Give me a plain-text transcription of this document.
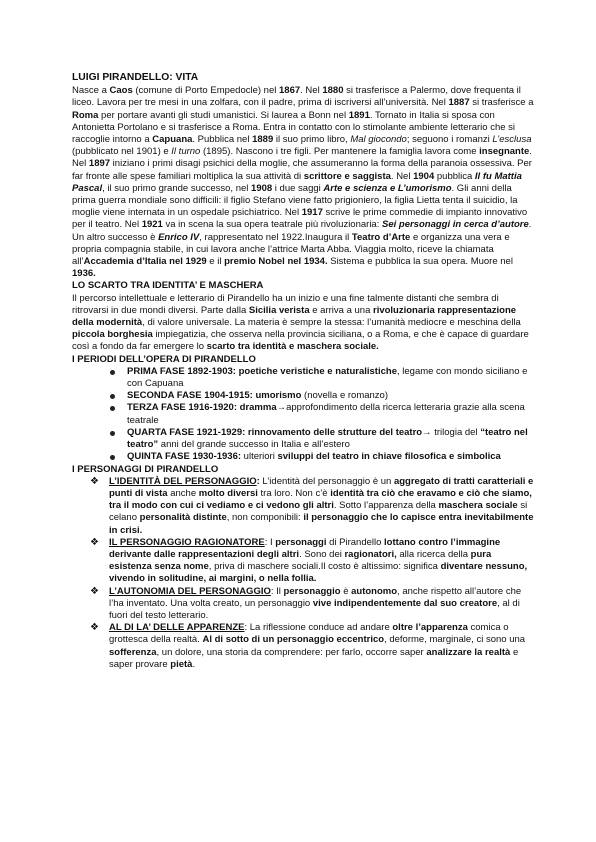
LUIGI PIRANDELLO: VITA

Nasce a Caos (comune di Porto Empedocle) nel 1867. Nel 1880 si trasferisce a Palermo, dove frequenta il liceo. Lavora per tre mesi in una zolfara, con il padre, prima di iscriversi all’università. Nel 1887 si trasferisce a Roma per portare avanti gli studi umanistici. Si laurea a Bonn nel 1891. Tornato in Italia si sposa con Antonietta Portolano e si trasferisce a Roma. Entra in contatto con lo stimolante ambiente letterario che si raccoglie intorno a Capuana. Pubblica nel 1889 il suo primo libro, Mal giocondo; seguono i romanzi L’esclusa (pubblicato nel 1901) e Il turno (1895). Nascono i tre figli. Per mantenere la famiglia lavora come insegnante. Nel 1897 iniziano i primi disagi psichici della moglie, che assumeranno la forma della paranoia ossessiva. Per far fronte alle spese familiari moltiplica la sua attività di scrittore e saggista. Nel 1904 pubblica Il fu Mattia Pascal, il suo primo grande successo, nel 1908 i due saggi Arte e scienza e L’umorismo. Gli anni della prima guerra mondiale sono difficili: il figlio Stefano viene fatto prigioniero, la figlia Lietta tenta il suicidio, la moglie viene internata in un ospedale psichiatrico. Nel 1917 scrive le prime commedie di impianto innovativo per il teatro. Nel 1921 va in scena la sua opera teatrale più rivoluzionaria: Sei personaggi in cerca d’autore. Un altro successo è Enrico IV, rappresentato nel 1922.Inaugura il Teatro d’Arte e organizza una vera e propria compagnia stabile, in cui lavora anche l’attrice Marta Abba. Viaggia molto, riceve la chiamata all’Accademia d’Italia nel 1929 e il premio Nobel nel 1934. Sistema e pubblica la sua opera. Muore nel 1936.

LO SCARTO TRA IDENTITA’ E MASCHERA

Il percorso intellettuale e letterario di Pirandello ha un inizio e una fine talmente distanti che sembra di ritrovarsi in due mondi diversi. Parte dalla Sicilia verista e arriva a una rivoluzionaria rappresentazione della modernità, di valore universale. La materia è sempre la stessa: l’umanità mediocre e meschina della piccola borghesia impiegatizia, che osserva nella provincia siciliana, o a Roma, e che è capace di guardare così a fondo da far emergere lo scarto tra identità e maschera sociale.

I PERIODI DELL’OPERA DI PIRANDELLO
PRIMA FASE 1892-1903: poetiche veristiche e naturalistiche, legame con mondo siciliano e con Capuana
SECONDA FASE 1904-1915: umorismo (novella e romanzo)
TERZA FASE 1916-1920: dramma→approfondimento della ricerca letteraria grazie alla scena teatrale
QUARTA FASE 1921-1929: rinnovamento delle strutture del teatro→ trilogia del “teatro nel teatro” anni del grande successo in Italia e all’estero
QUINTA FASE 1930-1936: ulteriori sviluppi del teatro in chiave filosofica e simbolica
I PERSONAGGI DI PIRANDELLO
❖ L’IDENTITÀ DEL PERSONAGGIO: L’identità del personaggio è un aggregato di tratti caratteriali e punti di vista anche molto diversi tra loro. Non c’è identità tra ciò che eravamo e ciò che siamo, tra il modo con cui ci vediamo e ci vedono gli altri. Sotto l’apparenza della maschera sociale si celano personalità distinte, non componibili: il personaggio che lo capisce entra inevitabilmente in crisi.
❖ IL PERSONAGGIO RAGIONATORE: I personaggi di Pirandello lottano contro l’immagine derivante dalle rappresentazioni degli altri. Sono dei ragionatori, alla ricerca della pura esistenza senza nome, priva di maschere sociali.Il costo è altissimo: significa diventare nessuno, vivendo in solitudine, ai margini, o nella follia.
❖ L’AUTONOMIA DEL PERSONAGGIO: Il personaggio è autonomo, anche rispetto all’autore che l’ha inventato. Una volta creato, un personaggio vive indipendentemente dal suo creatore, al di fuori del testo letterario.
❖ AL DI LA’ DELLE APPARENZE: La riflessione conduce ad andare oltre l’apparenza comica o grottesca della realtà. Al di sotto di un personaggio eccentrico, deforme, marginale, ci sono una sofferenza, un dolore, una storia da comprendere: per farlo, occorre saper analizzare la realtà e saper provare pietà.
